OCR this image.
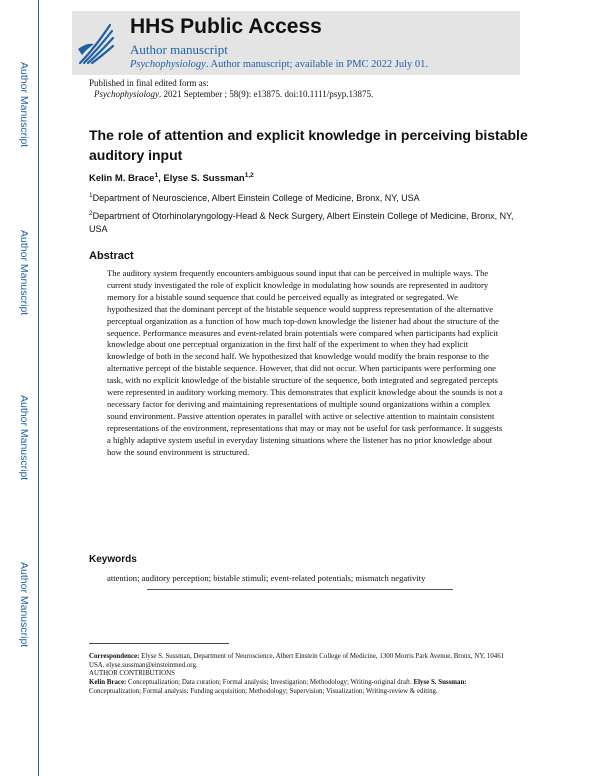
Author Manuscript
Author Manuscript
Author Manuscript
Author Manuscript
HHS Public Access
Author manuscript
Psychophysiology. Author manuscript; available in PMC 2022 July 01.
Published in final edited form as:
Psychophysiology. 2021 September ; 58(9): e13875. doi:10.1111/psyp.13875.
The role of attention and explicit knowledge in perceiving bistable auditory input
Kelin M. Brace$^1$, Elyse S. Sussman$^{1,2}$
$^1$Department of Neuroscience, Albert Einstein College of Medicine, Bronx, NY, USA
$^2$Department of Otorhinolaryngology-Head & Neck Surgery, Albert Einstein College of Medicine, Bronx, NY, USA
Abstract

The auditory system frequently encounters ambiguous sound input that can be perceived in multiple ways. The current study investigated the role of explicit knowledge in modulating how sounds are represented in auditory memory for a bistable sound sequence that could be perceived equally as integrated or segregated. We hypothesized that the dominant percept of the bistable sequence would suppress representation of the alternative perceptual organization as a function of how much top-down knowledge the listener had about the structure of the sequence. Performance measures and event-related brain potentials were compared when participants had explicit knowledge about one perceptual organization in the first half of the experiment to when they had explicit knowledge of both in the second half. We hypothesized that knowledge would modify the brain response to the alternative percept of the bistable sequence. However, that did not occur. When participants were performing one task, with no explicit knowledge of the bistable structure of the sequence, both integrated and segregated percepts were represented in auditory working memory. This demonstrates that explicit knowledge about the sounds is not a necessary factor for deriving and maintaining representations of multiple sound organizations within a complex sound environment. Passive attention operates in parallel with active or selective attention to maintain consistent representations of the environment, representations that may or may not be useful for task performance. It suggests a highly adaptive system useful in everyday listening situations where the listener has no prior knowledge about how the sound environment is structured.

Keywords
attention; auditory perception; bistable stimuli; event-related potentials; mismatch negativity

Correspondence: Elyse S. Sussman, Department of Neuroscience, Albert Einstein College of Medicine, 1300 Morris Park Avenue, Bronx, NY, 10461 USA. elyse.sussman@einsteinmed.org.

AUTHOR CONTRIBUTIONS

Kelin Brace: Conceptualization; Data curation; Formal analysis; Investigation; Methodology; Writing-original draft. Elyse S. Sussman: Conceptualization; Formal analysis; Funding acquisition; Methodology; Supervision; Visualization; Writing-review & editing.
